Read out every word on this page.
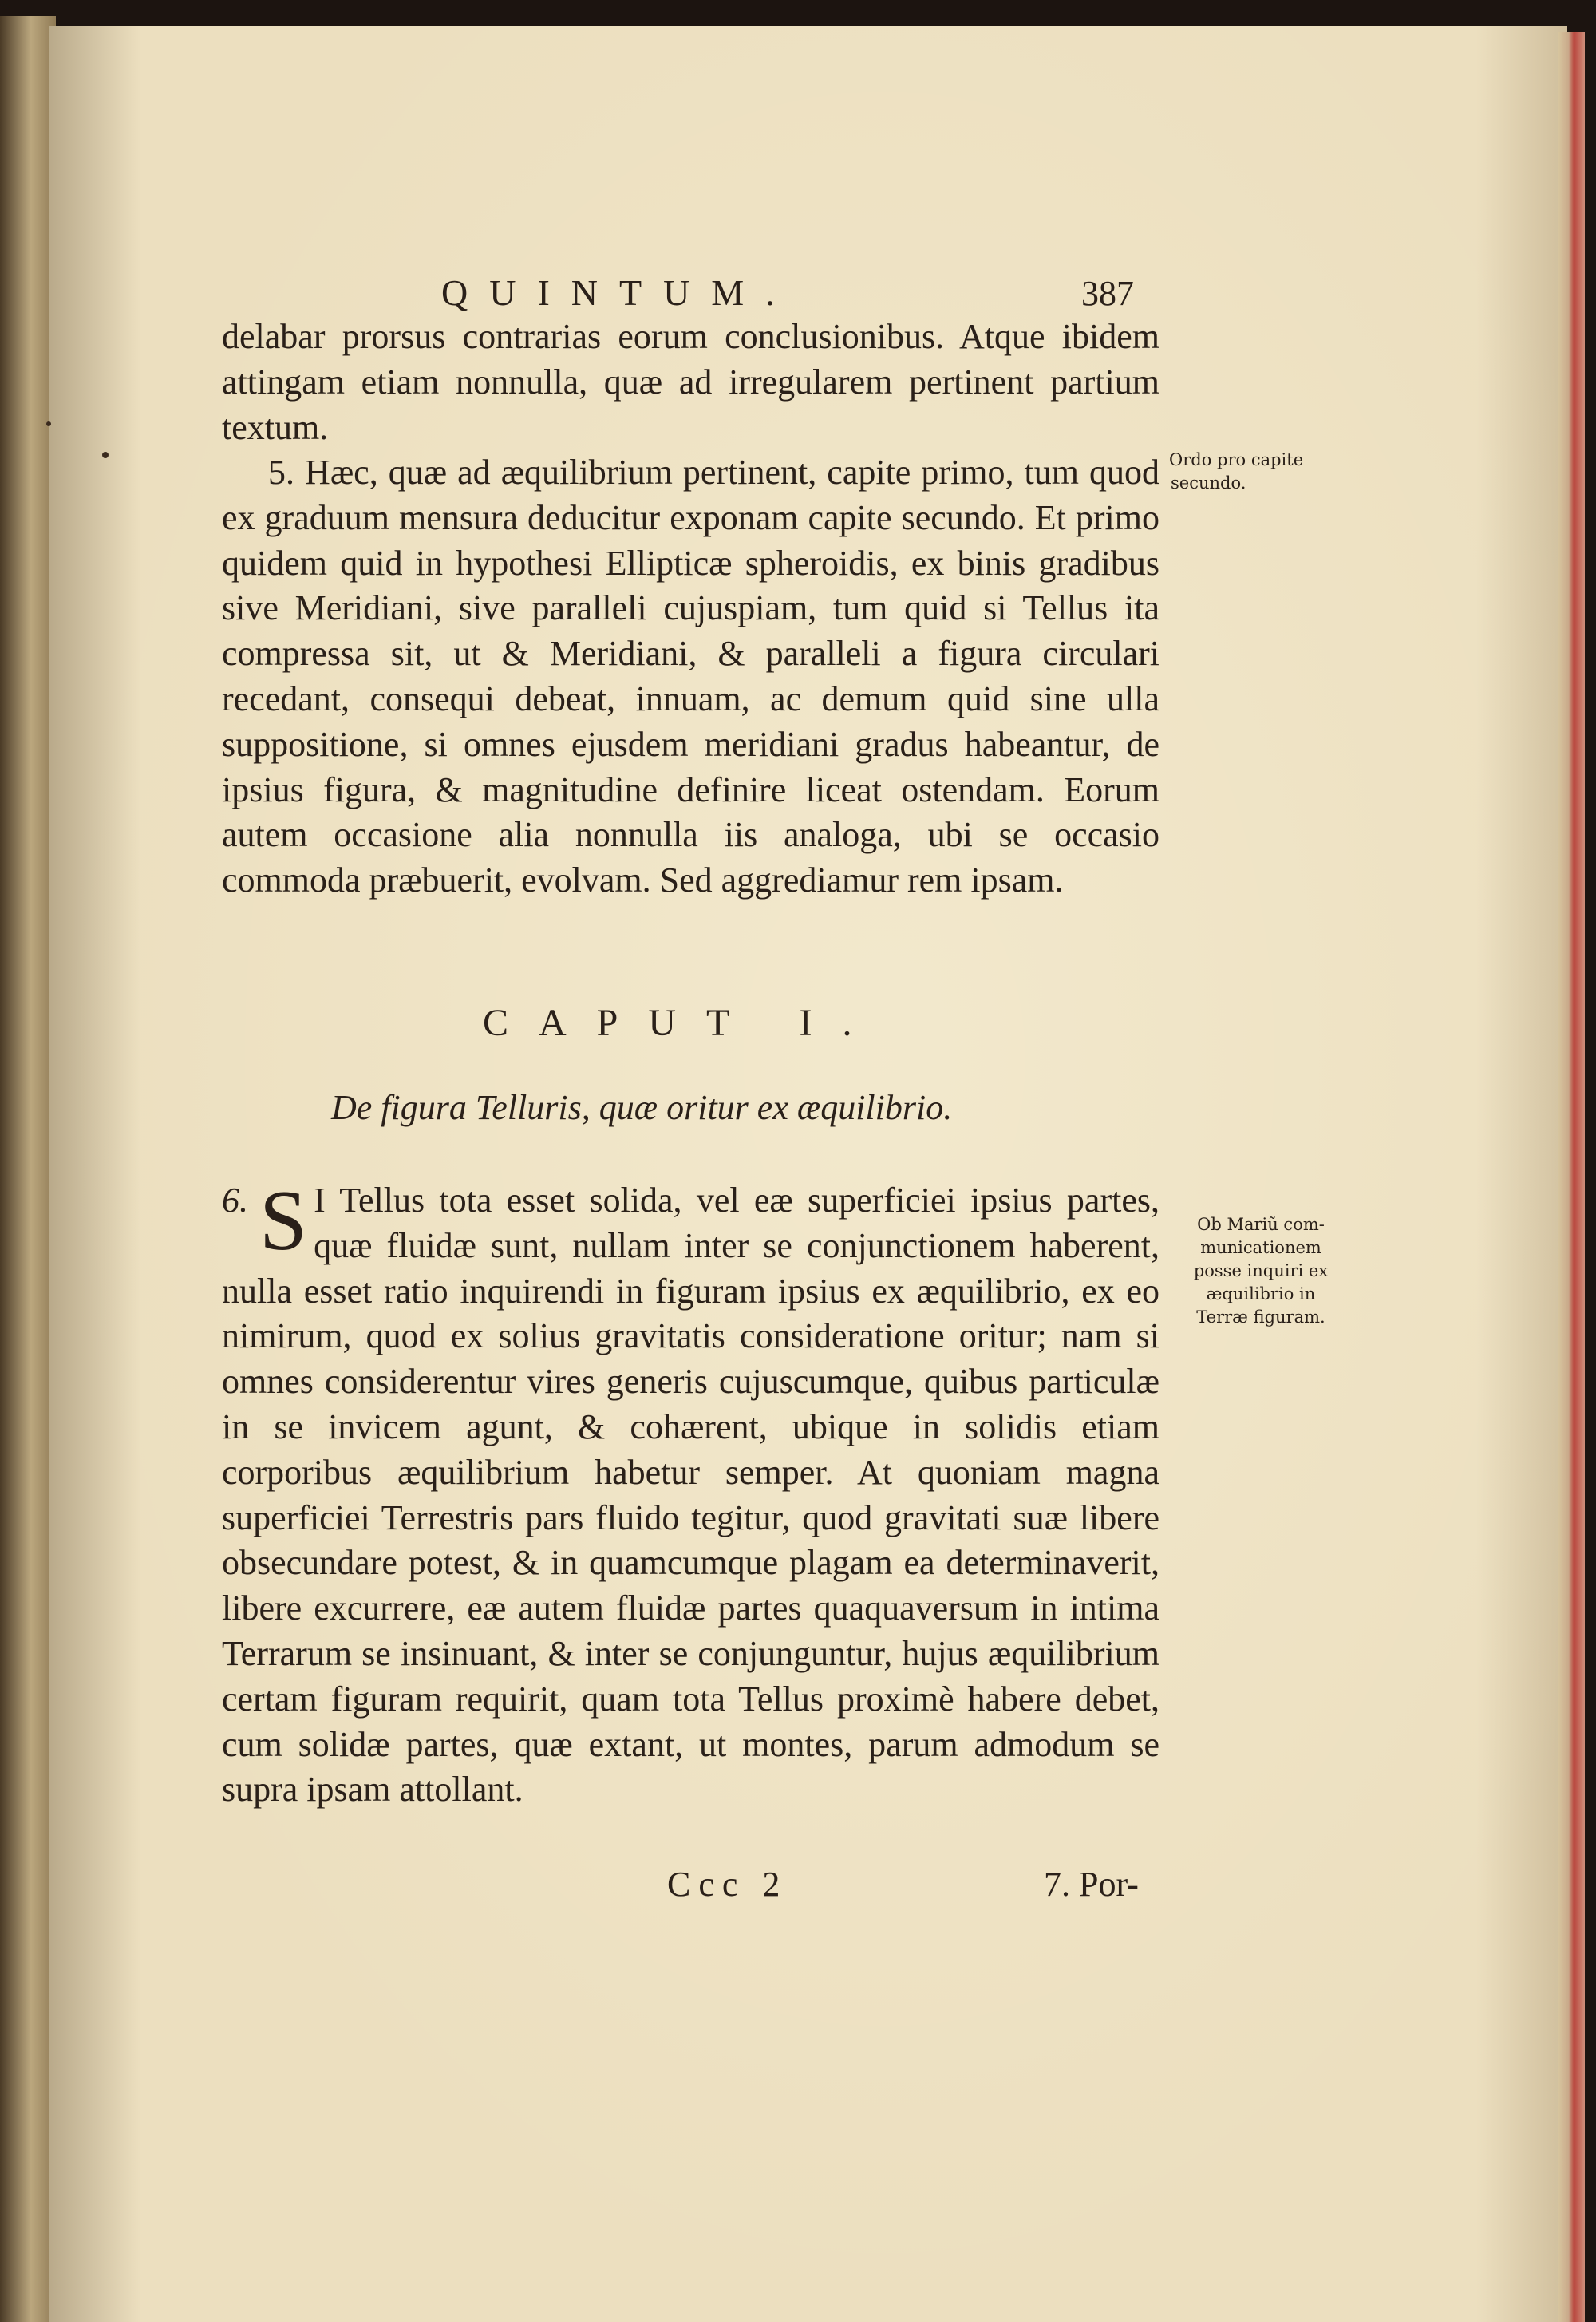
QUINTUM.	387

delabar prorsus contrarias eorum conclusionibus. Atque ibidem attingam etiam nonnulla, quæ ad irregularem pertinent partium textum.

5. Hæc, quæ ad æquilibrium pertinent, capite primo, tum quod ex graduum mensura deducitur exponam capite secundo. Et primo quidem quid in hypothesi Ellipticæ spheroidis, ex binis gradibus sive Meridiani, sive paralleli cujuspiam, tum quid si Tellus ita compressa sit, ut & Meridiani, & paralleli a figura circulari recedant, consequi debeat, innuam, ac demum quid sine ulla suppositione, si omnes ejusdem meridiani gradus habeantur, de ipsius figura, & magnitudine definire liceat ostendam. Eorum autem occasione alia nonnulla iis analoga, ubi se occasio commoda præbuerit, evolvam. Sed aggrediamur rem ipsam.

Ordo pro capite
secundo.
CAPUT I.

De figura Telluris, quæ oritur ex æquilibrio.

6. S I Tellus tota esset solida, vel eæ superficiei ipsius partes, quæ fluidæ sunt, nullam inter se conjunctionem haberent, nulla esset ratio inquirendi in figuram ipsius ex æquilibrio, ex eo nimirum, quod ex solius gravitatis consideratione oritur; nam si omnes considerentur vires generis cujuscumque, quibus particulæ in se invicem agunt, & cohærent, ubique in solidis etiam corporibus æquilibrium habetur semper. At quoniam magna superficiei Terrestris pars fluido tegitur, quod gravitati suæ libere obsecundare potest, & in quamcumque plagam ea determinaverit, libere excurrere, eæ autem fluidæ partes quaquaversum in intima Terrarum se insinuant, & inter se conjunguntur, hujus æquilibrium certam figuram requirit, quam tota Tellus proximè habere debet, cum solidæ partes, quæ extant, ut montes, parum admodum se supra ipsam attollant.

Ob Mariũ com-
municationem
posse inquiri ex
æquilibrio in
Terræ figuram.
Ccc 2	7. Por-
